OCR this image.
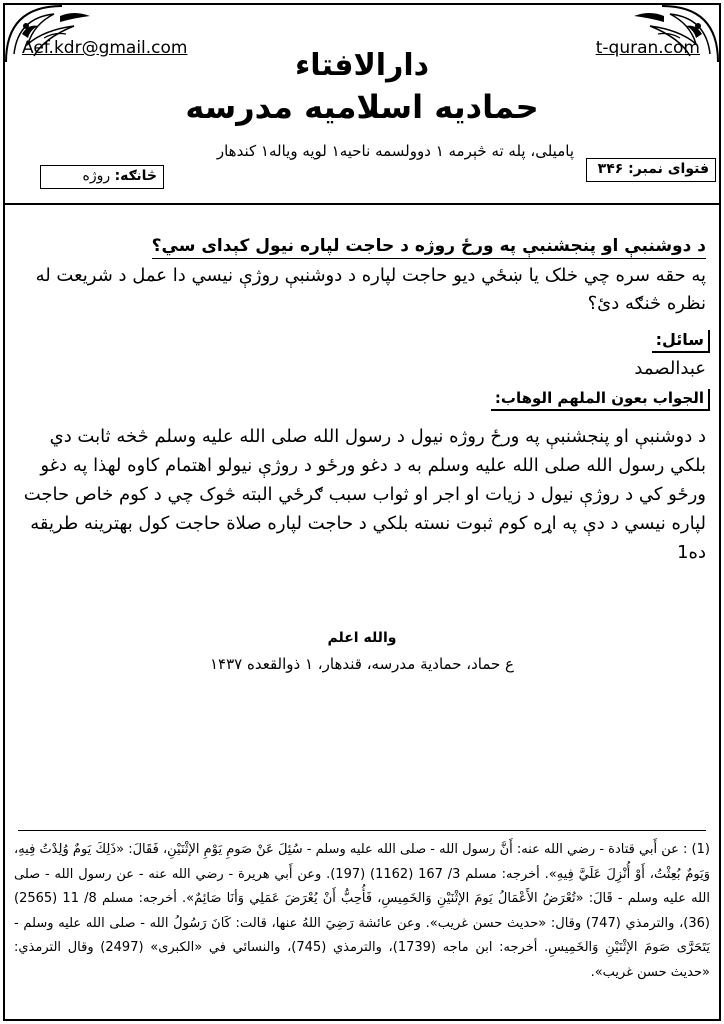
Aef.kdr@gmail.com	t-quran.com
دارالافتاء
حمادیه اسلامیه مدرسه
پامیلی، پله ته څېرمه ۱ دوولسمه ناحیه۱ لویه ویاله۱ کندهار
فتوای نمبر: ۳۴۶
څانګه: روژه
د دوشنبې او پنجشنبې په ورځ روژه د حاجت لپاره نیول کېدای سي؟
په حقه سره چي خلک یا ښځي دیو حاجت لپاره د دوشنبې روژې نیسي دا عمل د شریعت له نظره څنګه دئ؟
سائل:
عبدالصمد
الجواب بعون الملهم الوهاب:
د دوشنبې او پنجشنبې په ورځ روژه نیول د رسول الله صلی الله علیه وسلم څخه ثابت دي بلکي رسول الله صلی الله علیه وسلم به د دغو ورځو د روژې نیولو اهتمام کاوه لهذا په دغو ورځو کي د روژې نیول د زیات او اجر او ثواب سبب ګرځي البته څوک چي د کوم خاص حاجت لپاره نیسي د دې په اړه کوم ثبوت نسته بلکي د حاجت لپاره صلاة حاجت کول بهترینه طریقه ده1
والله اعلم
ع حماد، حمادیة مدرسه، قندهار، ۱ ذوالقعده ۱۴۳۷
(1) : عن أَبي قتادة - رضي الله عنه: أَنَّ رسول الله - صلى الله عليه وسلم - سُئِلَ عَنْ صَومِ يَوْمِ الإثْنَيْنِ، فَقَالَ: «ذَلِكَ يَومٌ وُلِدْتُ فِيهِ، وَيَومٌ بُعِثْتُ، أَوْ أُنْزِلَ عَلَيَّ فِيهِ». أخرجه: مسلم 3/ 167 (1162) (197). وعن أَبي هريرة - رضي الله عنه - عن رسول الله - صلى الله عليه وسلم - قَالَ: «تُعْرَضُ الأَعْمَالُ يَومَ الإثْنَيْنِ وَالخَمِيسِ، فَأُحِبُّ أَنْ يُعْرَضَ عَمَلِي وَأنَا صَائِمٌ». أخرجه: مسلم 8/ 11 (2565) (36)، والترمذي (747) وقال: «حديث حسن غريب». وعن عائشة رَضِيَ اللهُ عنها، قالت: كَانَ رَسُولُ الله - صلى الله عليه وسلم - يَتَحَرَّى صَومَ الإثْنَيْنِ وَالخَمِيسِ. أخرجه: ابن ماجه (1739)، والترمذي (745)، والنسائي في «الكبرى» (2497) وقال الترمذي: «حديث حسن غريب».
